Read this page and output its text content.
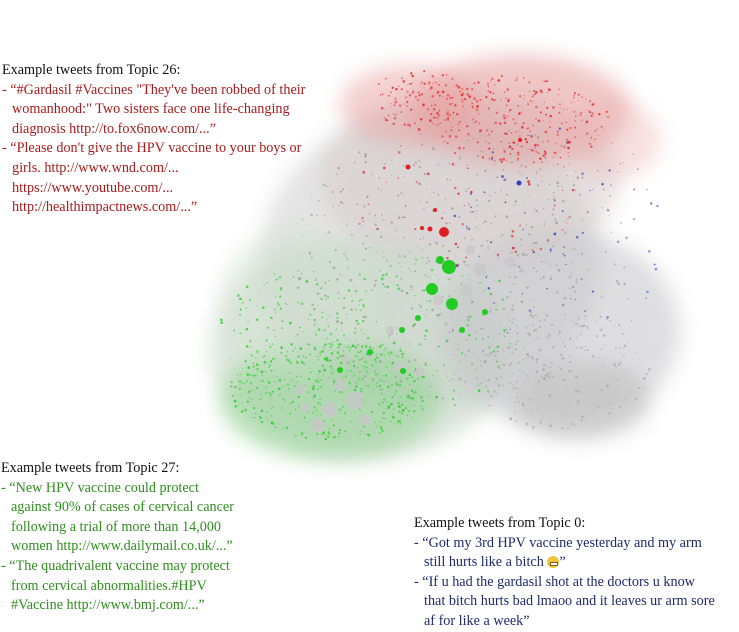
Example tweets from Topic 26:
- “#Gardasil #Vaccines "They've been robbed of their
womanhood:" Two sisters face one life-changing
diagnosis http://to.fox6now.com/...”
- “Please don't give the HPV vaccine to your boys or
girls. http://www.wnd.com/...
https://www.youtube.com/...
http://healthimpactnews.com/...”
Example tweets from Topic 27:
- “New HPV vaccine could protect
against 90% of cases of cervical cancer
following a trial of more than 14,000
women http://www.dailymail.co.uk/...”
- “The quadrivalent vaccine may protect
from cervical abnormalities.#HPV
#Vaccine http://www.bmj.com/...”
Example tweets from Topic 0:
- “Got my 3rd HPV vaccine yesterday and my arm
still hurts like a bitch ”
- “If u had the gardasil shot at the doctors u know
that bitch hurts bad lmaoo and it leaves ur arm sore
af for like a week”
